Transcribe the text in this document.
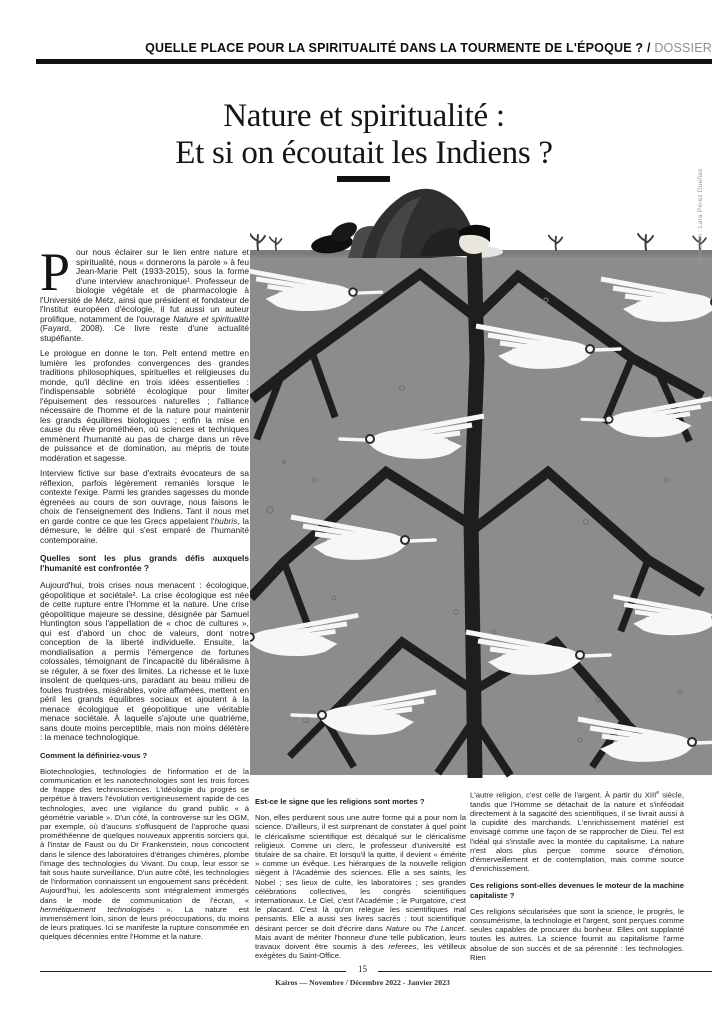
QUELLE PLACE POUR LA SPIRITUALITÉ DANS LA TOURMENTE DE L'ÉPOQUE ? / DOSSIER
Nature et spiritualité :
Et si on écoutait les Indiens ?
Illustration : Lara Pérez Dueñas

Pour nous éclairer sur le lien entre nature et spiritualité, nous « donnerons la parole » à feu Jean-Marie Pelt (1933-2015), sous la forme d'une interview anachronique¹. Professeur de biologie végétale et de pharmacologie à l'Université de Metz, ainsi que président et fondateur de l'Institut européen d'écologie, il fut aussi un auteur prolifique, notamment de l'ouvrage Nature et spiritualité (Fayard, 2008). Ce livre reste d'une actualité stupéfiante.

Le prologue en donne le ton. Pelt entend mettre en lumière les profondes convergences des grandes traditions philosophiques, spirituelles et religieuses du monde, qu'il décline en trois idées essentielles : l'indispensable sobriété écologique pour limiter l'épuisement des ressources naturelles ; l'alliance nécessaire de l'homme et de la nature pour maintenir les grands équilibres biologiques ; enfin la mise en cause du rêve prométhéen, où sciences et techniques emmènent l'humanité au pas de charge dans un rêve de puissance et de domination, au mépris de toute modération et sagesse.

Interview fictive sur base d'extraits évocateurs de sa réflexion, parfois légèrement remaniés lorsque le contexte l'exige. Parmi les grandes sagesses du monde égrenées au cours de son ouvrage, nous faisons le choix de l'enseignement des Indiens. Tant il nous met en garde contre ce que les Grecs appelaient l'hubris, la démesure, le délire qui s'est emparé de l'humanité contemporaine.

Quelles sont les plus grands défis auxquels l'humanité est confrontée ?

Aujourd'hui, trois crises nous menacent : écologique, géopolitique et sociétale². La crise écologique est née de cette rupture entre l'Homme et la nature. Une crise géopolitique majeure se dessine, désignée par Samuel Huntington sous l'appellation de « choc de cultures », qui est d'abord un choc de valeurs, dont notre conception de la liberté individuelle. Ensuite, la mondialisation a permis l'émergence de fortunes colossales, témoignant de l'incapacité du libéralisme à se réguler, à se fixer des limites. La richesse et le luxe insolent de quelques-uns, paradant au beau milieu de foules frustrées, misérables, voire affamées, mettent en péril les grands équilibres sociaux et ajoutent à la menace écologique et géopolitique une véritable menace sociétale. À laquelle s'ajoute une quatrième, sans doute moins perceptible, mais non moins délétère : la menace technologique.

Comment la définiriez-vous ?

Biotechnologies, technologies de l'information et de la communication et les nanotechnologies sont les trois forces de frappe des technosciences. L'idéologie du progrès se perpétue à travers l'évolution vertigineusement rapide de ces technologies, avec une vigilance du grand public « à géométrie variable ». D'un côté, la controverse sur les OGM, par exemple, où d'aucuns s'offusquent de l'approche quasi prométhéenne de quelques nouveaux apprentis sorciers qui, à l'instar de Faust ou du Dr Frankenstein, nous concoctent dans le silence des laboratoires d'étranges chimères, plombe l'image des technologies du Vivant. Du coup, leur essor se fait sous haute surveillance. D'un autre côté, les technologies de l'information connaissent un engouement sans précédent. Aujourd'hui, les adolescents sont intégralement immergés dans le mode de communication de l'écran, « hermétiquement technologisés ». La nature est immensément loin, sinon de leurs préoccupations, du moins de leurs pratiques. Ici se manifeste la rupture consommée en quelques décennies entre l'Homme et la nature.

Est-ce le signe que les religions sont mortes ?

Non, elles perdurent sous une autre forme qui a pour nom la science. D'ailleurs, il est surprenant de constater à quel point le cléricalisme scientifique est décalqué sur le cléricalisme religieux. Comme un clerc, le professeur d'université est titulaire de sa chaire. Et lorsqu'il la quitte, il devient « émérite » comme un évêque. Les hiérarques de la nouvelle religion siègent à l'Académie des sciences. Elle a ses saints, les Nobel ; ses lieux de culte, les laboratoires ; ses grandes célébrations collectives, les congrès scientifiques internationaux. Le Ciel, c'est l'Académie ; le Purgatoire, c'est le placard. C'est là qu'on relègue les scientifiques mal pensants. Elle a aussi ses livres sacrés : tout scientifique désirant percer se doit d'écrire dans Nature ou The Lancet. Mais avant de mériter l'honneur d'une telle publication, leurs travaux doivent être soumis à des referees, les vétilleux exégètes du Saint-Office.

L'autre religion, c'est celle de l'argent. À partir du XIIIe siècle, tandis que l'Homme se détachait de la nature et s'inféodait directement à la sagacité des scientifiques, il se livrait aussi à la cupidité des marchands. L'enrichissement matériel est envisagé comme une façon de se rapprocher de Dieu. Tel est l'idéal qui s'installe avec la montée du capitalisme. La nature n'est alors plus perçue comme source d'émotion, d'émerveillement et de contemplation, mais comme source d'enrichissement.

Ces religions sont-elles devenues le moteur de la machine capitaliste ?

Ces religions sécularisées que sont la science, le progrès, le consumérisme, la technologie et l'argent, sont perçues comme seules capables de procurer du bonheur. Elles ont supplanté toutes les autres. La science fournit au capitalisme l'arme absolue de son succès et de sa pérennité : les technologies. Rien

15
Kairos — Novembre / Décembre 2022 - Janvier 2023
